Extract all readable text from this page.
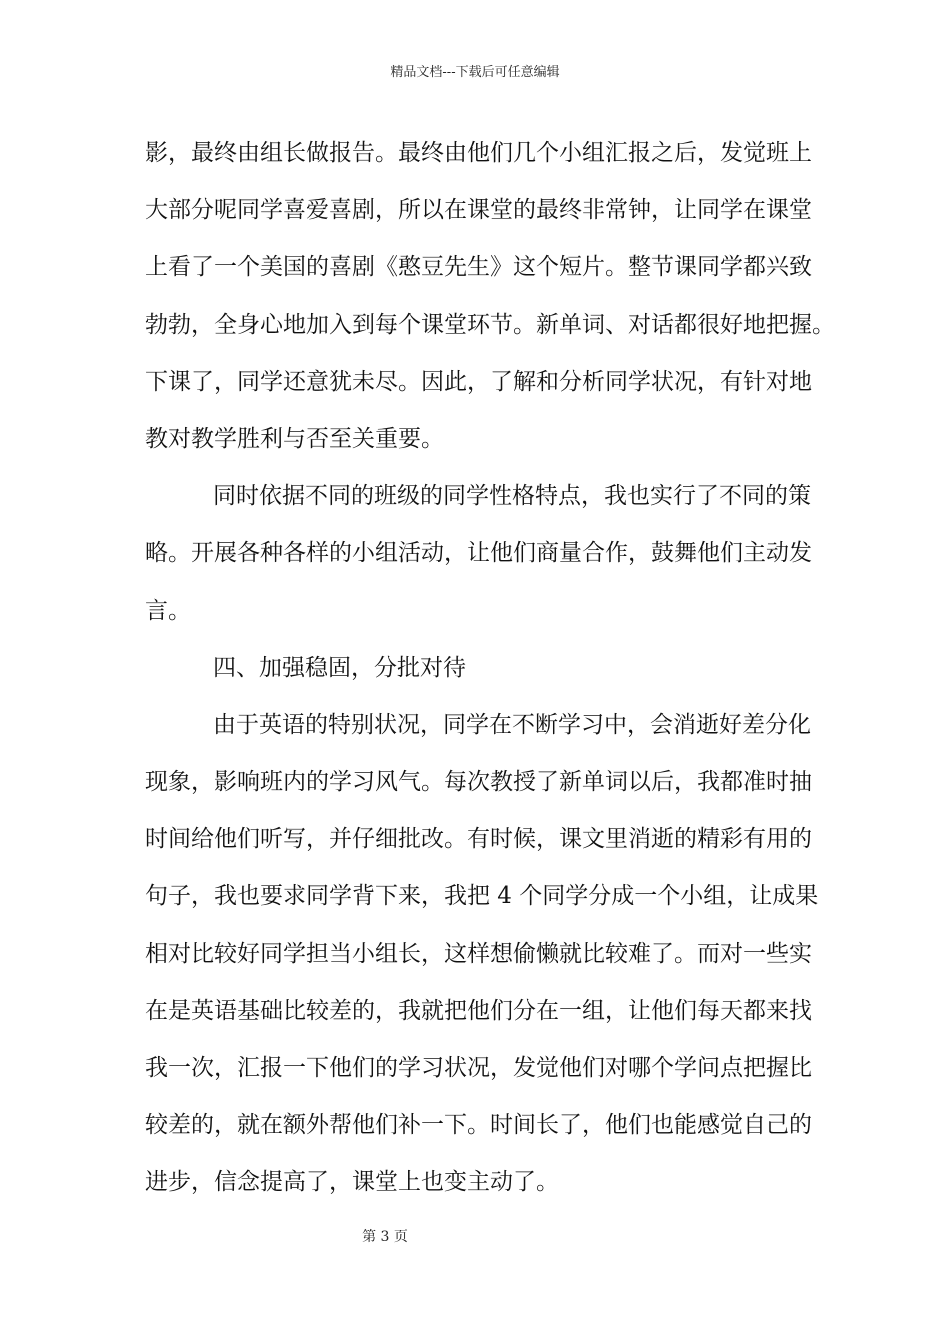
精品文档---下载后可任意编辑
影，最终由组长做报告。最终由他们几个小组汇报之后，发觉班上
大部分呢同学喜爱喜剧，所以在课堂的最终非常钟，让同学在课堂
上看了一个美国的喜剧《憨豆先生》这个短片。整节课同学都兴致
勃勃，全身心地加入到每个课堂环节。新单词、对话都很好地把握。
下课了，同学还意犹未尽。因此，了解和分析同学状况，有针对地
教对教学胜利与否至关重要。
同时依据不同的班级的同学性格特点，我也实行了不同的策
略。开展各种各样的小组活动，让他们商量合作，鼓舞他们主动发
言。
四、加强稳固，分批对待
由于英语的特别状况，同学在不断学习中，会消逝好差分化
现象，影响班内的学习风气。每次教授了新单词以后，我都准时抽
时间给他们听写，并仔细批改。有时候，课文里消逝的精彩有用的
句子，我也要求同学背下来，我把 4 个同学分成一个小组，让成果
相对比较好同学担当小组长，这样想偷懒就比较难了。而对一些实
在是英语基础比较差的，我就把他们分在一组，让他们每天都来找
我一次，汇报一下他们的学习状况，发觉他们对哪个学问点把握比
较差的，就在额外帮他们补一下。时间长了，他们也能感觉自己的
进步，信念提高了，课堂上也变主动了。
第 3 页
